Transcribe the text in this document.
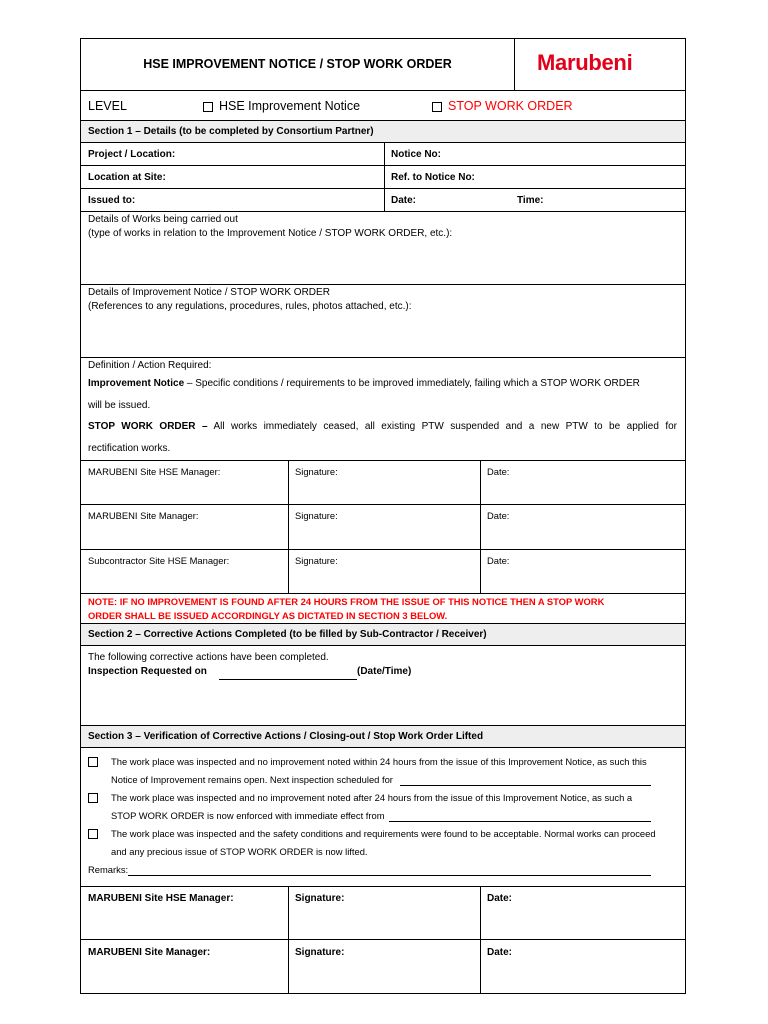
HSE IMPROVEMENT NOTICE / STOP WORK ORDER	Marubeni
LEVEL	HSE Improvement Notice	STOP WORK ORDER
Section 1 – Details (to be completed by Consortium Partner)
Project / Location:	Notice No:
Location at Site:	Ref. to Notice No:
Issued to:	Date:	Time:
Details of Works being carried out
(type of works in relation to the Improvement Notice / STOP WORK ORDER, etc.):
Details of Improvement Notice / STOP WORK ORDER
(References to any regulations, procedures, rules, photos attached, etc.):
Definition / Action Required:
Improvement Notice – Specific conditions / requirements to be improved immediately, failing which a STOP WORK ORDER
will be issued.
STOP WORK ORDER – All works immediately ceased, all existing PTW suspended and a new PTW to be applied for
rectification works.
MARUBENI Site HSE Manager:	Signature:	Date:
MARUBENI Site Manager:	Signature:	Date:
Subcontractor Site HSE Manager:	Signature:	Date:
NOTE: IF NO IMPROVEMENT IS FOUND AFTER 24 HOURS FROM THE ISSUE OF THIS NOTICE THEN A STOP WORK
ORDER SHALL BE ISSUED ACCORDINGLY AS DICTATED IN SECTION 3 BELOW.
Section 2 – Corrective Actions Completed (to be filled by Sub-Contractor / Receiver)
The following corrective actions have been completed.
Inspection Requested on	(Date/Time)
Section 3 – Verification of Corrective Actions / Closing-out / Stop Work Order Lifted
The work place was inspected and no improvement noted within 24 hours from the issue of this Improvement Notice, as such this
Notice of Improvement remains open. Next inspection scheduled for
The work place was inspected and no improvement noted after 24 hours from the issue of this Improvement Notice, as such a
STOP WORK ORDER is now enforced with immediate effect from
The work place was inspected and the safety conditions and requirements were found to be acceptable. Normal works can proceed
and any precious issue of STOP WORK ORDER is now lifted.
Remarks:
MARUBENI Site HSE Manager:	Signature:	Date:
MARUBENI Site Manager:	Signature:	Date:
